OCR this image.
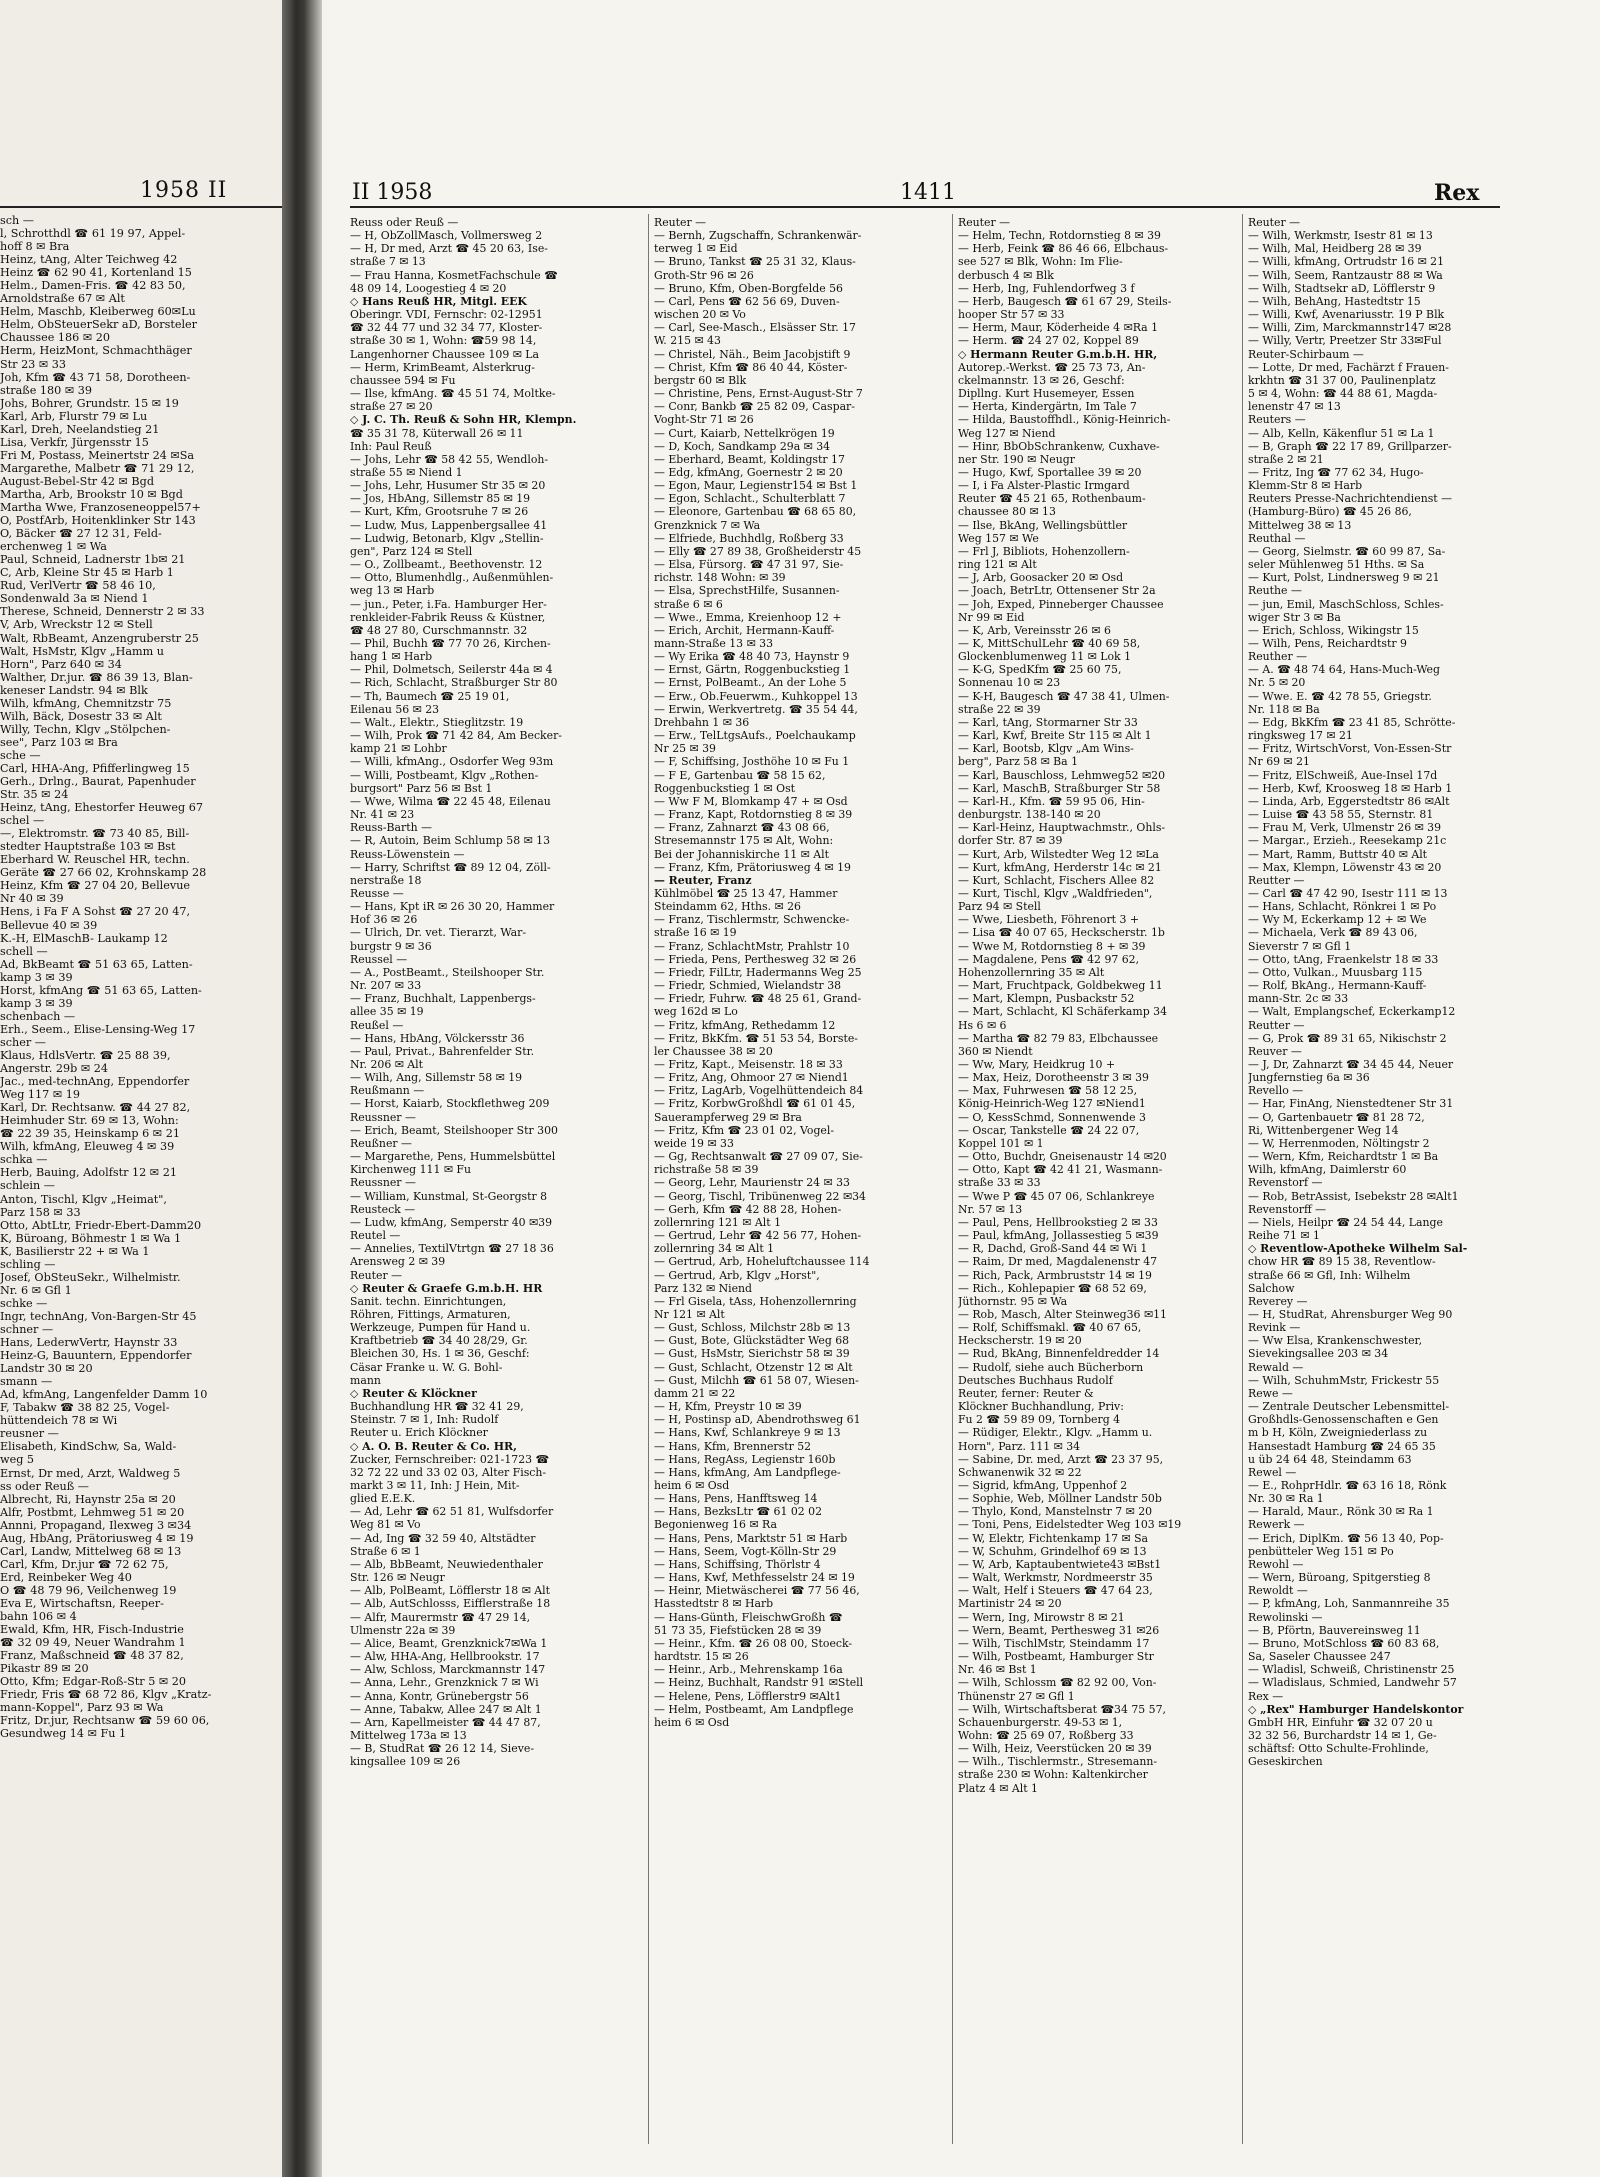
1958 II
sch —
l, Schrotthdl ☎ 61 19 97, Appel-
hoff 8 ✉ Bra
Heinz, tAng, Alter Teichweg 42
Heinz ☎ 62 90 41, Kortenland 15
Helm., Damen-Fris. ☎ 42 83 50,
Arnoldstraße 67 ✉ Alt
Helm, Maschb, Kleiberweg 60✉Lu
Helm, ObSteuerSekr aD, Borsteler
Chaussee 186 ✉ 20
Herm, HeizMont, Schmachthäger
Str 23 ✉ 33
Joh, Kfm ☎ 43 71 58, Dorotheen-
straße 180 ✉ 39
Johs, Bohrer, Grundstr. 15 ✉ 19
Karl, Arb, Flurstr 79 ✉ Lu
Karl, Dreh, Neelandstieg 21
Lisa, Verkfr, Jürgensstr 15
Fri M, Postass, Meinertstr 24 ✉Sa
Margarethe, Malbetr ☎ 71 29 12,
August-Bebel-Str 42 ✉ Bgd
Martha, Arb, Brookstr 10 ✉ Bgd
Martha Wwe, Franzoseneoppel57+
O, PostfArb, Hoitenklinker Str 143
O, Bäcker ☎ 27 12 31, Feld-
erchenweg 1 ✉ Wa
Paul, Schneid, Ladnerstr 1b✉ 21
C, Arb, Kleine Str 45 ✉ Harb 1
Rud, VerlVertr ☎ 58 46 10,
Sondenwald 3a ✉ Niend 1
Therese, Schneid, Dennerstr 2 ✉ 33
V, Arb, Wreckstr 12 ✉ Stell
Walt, RbBeamt, Anzengruberstr 25
Walt, HsMstr, Klgv „Hamm u
Horn", Parz 640 ✉ 34
Walther, Dr.jur. ☎ 86 39 13, Blan-
keneser Landstr. 94 ✉ Blk
Wilh, kfmAng, Chemnitzstr 75
Wilh, Bäck, Dosestr 33 ✉ Alt
Willy, Techn, Klgv „Stölpchen-
see", Parz 103 ✉ Bra
sche —
Carl, HHA-Ang, Pfifferlingweg 15
Gerh., Drlng., Baurat, Papenhuder
Str. 35 ✉ 24
Heinz, tAng, Ehestorfer Heuweg 67
schel —
—, Elektromstr. ☎ 73 40 85, Bill-
stedter Hauptstraße 103 ✉ Bst
Eberhard W. Reuschel HR, techn.
Geräte ☎ 27 66 02, Krohnskamp 28
Heinz, Kfm ☎ 27 04 20, Bellevue
Nr 40 ✉ 39
Hens, i Fa F A Sohst ☎ 27 20 47,
Bellevue 40 ✉ 39
K.-H, ElMaschB- Laukamp 12
schell —
Ad, BkBeamt ☎ 51 63 65, Latten-
kamp 3 ✉ 39
Horst, kfmAng ☎ 51 63 65, Latten-
kamp 3 ✉ 39
schenbach —
Erh., Seem., Elise-Lensing-Weg 17
scher —
Klaus, HdlsVertr. ☎ 25 88 39,
Angerstr. 29b ✉ 24
Jac., med-technAng, Eppendorfer
Weg 117 ✉ 19
Karl, Dr. Rechtsanw. ☎ 44 27 82,
Heimhuder Str. 69 ✉ 13, Wohn:
☎ 22 39 35, Heinskamp 6 ✉ 21
Wilh, kfmAng, Eleuweg 4 ✉ 39
schka —
Herb, Bauing, Adolfstr 12 ✉ 21
schlein —
Anton, Tischl, Klgv „Heimat",
Parz 158 ✉ 33
Otto, AbtLtr, Friedr-Ebert-Damm20
K, Büroang, Böhmestr 1 ✉ Wa 1
K, Basilierstr 22 + ✉ Wa 1
schling —
Josef, ObSteuSekr., Wilhelmistr.
Nr. 6 ✉ Gfl 1
schke —
Ingr, technAng, Von-Bargen-Str 45
schner —
Hans, LederwVertr, Haynstr 33
Heinz-G, Bauuntern, Eppendorfer
Landstr 30 ✉ 20
smann —
Ad, kfmAng, Langenfelder Damm 10
F, Tabakw ☎ 38 82 25, Vogel-
hüttendeich 78 ✉ Wi
reusner —
Elisabeth, KindSchw, Sa, Wald-
weg 5
Ernst, Dr med, Arzt, Waldweg 5
ss oder Reuß —
Albrecht, Ri, Haynstr 25a ✉ 20
Alfr, Postbmt, Lehmweg 51 ✉ 20
Annni, Propagand, Ilexweg 3 ✉34
Aug, HbAng, Prätoriusweg 4 ✉ 19
Carl, Landw, Mittelweg 68 ✉ 13
Carl, Kfm, Dr.jur ☎ 72 62 75,
Erd, Reinbeker Weg 40
O ☎ 48 79 96, Veilchenweg 19
Eva E, Wirtschaftsn, Reeper-
bahn 106 ✉ 4
Ewald, Kfm, HR, Fisch-Industrie
☎ 32 09 49, Neuer Wandrahm 1
Franz, Maßschneid ☎ 48 37 82,
Pikastr 89 ✉ 20
Otto, Kfm; Edgar-Roß-Str 5 ✉ 20
Friedr, Fris ☎ 68 72 86, Klgv „Kratz-
mann-Koppel", Parz 93 ✉ Wa
Fritz, Dr.jur, Rechtsanw ☎ 59 60 06,
Gesundweg 14 ✉ Fu 1
II 1958	1411	Rex
Reuss oder Reuß —
— H, ObZollMasch, Vollmersweg 2
— H, Dr med, Arzt ☎ 45 20 63, Ise-
straße 7 ✉ 13
— Frau Hanna, KosmetFachschule ☎
48 09 14, Loogestieg 4 ✉ 20
◇ Hans Reuß HR, Mitgl. EEK
Oberingr. VDI, Fernschr: 02-12951
☎ 32 44 77 und 32 34 77, Kloster-
straße 30 ✉ 1, Wohn: ☎59 98 14,
Langenhorner Chaussee 109 ✉ La
— Herm, KrimBeamt, Alsterkrug-
chaussee 594 ✉ Fu
— Ilse, kfmAng. ☎ 45 51 74, Moltke-
straße 27 ✉ 20
◇ J. C. Th. Reuß & Sohn HR, Klempn.
☎ 35 31 78, Küterwall 26 ✉ 11
Inh: Paul Reuß
— Johs, Lehr ☎ 58 42 55, Wendloh-
straße 55 ✉ Niend 1
— Johs, Lehr, Husumer Str 35 ✉ 20
— Jos, HbAng, Sillemstr 85 ✉ 19
— Kurt, Kfm, Grootsruhe 7 ✉ 26
— Ludw, Mus, Lappenbergsallee 41
— Ludwig, Betonarb, Klgv „Stellin-
gen", Parz 124 ✉ Stell
— O., Zollbeamt., Beethovenstr. 12
— Otto, Blumenhdlg., Außenmühlen-
weg 13 ✉ Harb
— jun., Peter, i.Fa. Hamburger Her-
renkleider-Fabrik Reuss & Küstner,
☎ 48 27 80, Curschmannstr. 32
— Phil, Buchh ☎ 77 70 26, Kirchen-
hang 1 ✉ Harb
— Phil, Dolmetsch, Seilerstr 44a ✉ 4
— Rich, Schlacht, Straßburger Str 80
— Th, Baumech ☎ 25 19 01,
Eilenau 56 ✉ 23
— Walt., Elektr., Stieglitzstr. 19
— Wilh, Prok ☎ 71 42 84, Am Becker-
kamp 21 ✉ Lohbr
— Willi, kfmAng., Osdorfer Weg 93m
— Willi, Postbeamt, Klgv „Rothen-
burgsort" Parz 56 ✉ Bst 1
— Wwe, Wilma ☎ 22 45 48, Eilenau
Nr. 41 ✉ 23
Reuss-Barth —
— R, Autoin, Beim Schlump 58 ✉ 13
Reuss-Löwenstein —
— Harry, Schriftst ☎ 89 12 04, Zöll-
nerstraße 18
Reusse —
— Hans, Kpt iR ✉ 26 30 20, Hammer
Hof 36 ✉ 26
— Ulrich, Dr. vet. Tierarzt, War-
burgstr 9 ✉ 36
Reussel —
— A., PostBeamt., Steilshooper Str.
Nr. 207 ✉ 33
— Franz, Buchhalt, Lappenbergs-
allee 35 ✉ 19
Reußel —
— Hans, HbAng, Völckersstr 36
— Paul, Privat., Bahrenfelder Str.
Nr. 206 ✉ Alt
— Wilh, Ang, Sillemstr 58 ✉ 19
Reußmann —
— Horst, Kaiarb, Stockflethweg 209
Reussner —
— Erich, Beamt, Steilshooper Str 300
Reußner —
— Margarethe, Pens, Hummelsbüttel
Kirchenweg 111 ✉ Fu
Reussner —
— William, Kunstmal, St-Georgstr 8
Reusteck —
— Ludw, kfmAng, Semperstr 40 ✉39
Reutel —
— Annelies, TextilVtrtgn ☎ 27 18 36
Arensweg 2 ✉ 39
Reuter —
◇ Reuter & Graefe G.m.b.H. HR
Sanit. techn. Einrichtungen,
Röhren, Fittings, Armaturen,
Werkzeuge, Pumpen für Hand u.
Kraftbetrieb ☎ 34 40 28/29, Gr.
Bleichen 30, Hs. 1 ✉ 36, Geschf:
Cäsar Franke u. W. G. Bohl-
mann
◇ Reuter & Klöckner
Buchhandlung HR ☎ 32 41 29,
Steinstr. 7 ✉ 1, Inh: Rudolf
Reuter u. Erich Klöckner
◇ A. O. B. Reuter & Co. HR,
Zucker, Fernschreiber: 021-1723 ☎
32 72 22 und 33 02 03, Alter Fisch-
markt 3 ✉ 11, Inh: J Hein, Mit-
glied E.E.K.
— Ad, Lehr ☎ 62 51 81, Wulfsdorfer
Weg 81 ✉ Vo
— Ad, Ing ☎ 32 59 40, Altstädter
Straße 6 ✉ 1
— Alb, BbBeamt, Neuwiedenthaler
Str. 126 ✉ Neugr
— Alb, PolBeamt, Löfflerstr 18 ✉ Alt
— Alb, AutSchlosss, Eifflerstraße 18
— Alfr, Maurermstr ☎ 47 29 14,
Ulmenstr 22a ✉ 39
— Alice, Beamt, Grenzknick7✉Wa 1
— Alw, HHA-Ang, Hellbrookstr. 17
— Alw, Schloss, Marckmannstr 147
— Anna, Lehr., Grenzknick 7 ✉ Wi
— Anna, Kontr, Grünebergstr 56
— Anne, Tabakw, Allee 247 ✉ Alt 1
— Arn, Kapellmeister ☎ 44 47 87,
Mittelweg 173a ✉ 13
— B, StudRat ☎ 26 12 14, Sieve-
kingsallee 109 ✉ 26
Reuter —
— Bernh, Zugschaffn, Schrankenwär-
terweg 1 ✉ Eid
— Bruno, Tankst ☎ 25 31 32, Klaus-
Groth-Str 96 ✉ 26
— Bruno, Kfm, Oben-Borgfelde 56
— Carl, Pens ☎ 62 56 69, Duven-
wischen 20 ✉ Vo
— Carl, See-Masch., Elsässer Str. 17
W. 215 ✉ 43
— Christel, Näh., Beim Jacobjstift 9
— Christ, Kfm ☎ 86 40 44, Köster-
bergstr 60 ✉ Blk
— Christine, Pens, Ernst-August-Str 7
— Conr, Bankb ☎ 25 82 09, Caspar-
Voght-Str 71 ✉ 26
— Curt, Kaiarb, Nettelkrögen 19
— D, Koch, Sandkamp 29a ✉ 34
— Eberhard, Beamt, Koldingstr 17
— Edg, kfmAng, Goernestr 2 ✉ 20
— Egon, Maur, Legienstr154 ✉ Bst 1
— Egon, Schlacht., Schulterblatt 7
— Eleonore, Gartenbau ☎ 68 65 80,
Grenzknick 7 ✉ Wa
— Elfriede, Buchhdlg, Roßberg 33
— Elly ☎ 27 89 38, Großheiderstr 45
— Elsa, Fürsorg. ☎ 47 31 97, Sie-
richstr. 148 Wohn: ✉ 39
— Elsa, SprechstHilfe, Susannen-
straße 6 ✉ 6
— Wwe., Emma, Kreienhoop 12 +
— Erich, Archit, Hermann-Kauff-
mann-Straße 13 ✉ 33
— Wy Erika ☎ 48 40 73, Haynstr 9
— Ernst, Gärtn, Roggenbuckstieg 1
— Ernst, PolBeamt., An der Lohe 5
— Erw., Ob.Feuerwm., Kuhkoppel 13
— Erwin, Werkvertretg. ☎ 35 54 44,
Drehbahn 1 ✉ 36
— Erw., TelLtgsAufs., Poelchaukamp
Nr 25 ✉ 39
— F, Schiffsing, Josthöhe 10 ✉ Fu 1
— F E, Gartenbau ☎ 58 15 62,
Roggenbuckstieg 1 ✉ Ost
— Ww F M, Blomkamp 47 + ✉ Osd
— Franz, Kapt, Rotdornstieg 8 ✉ 39
— Franz, Zahnarzt ☎ 43 08 66,
Stresemannstr 175 ✉ Alt, Wohn:
Bei der Johanniskirche 11 ✉ Alt
— Franz, Kfm, Prätoriusweg 4 ✉ 19
— Reuter, Franz
Kühlmöbel ☎ 25 13 47, Hammer
Steindamm 62, Hths. ✉ 26
— Franz, Tischlermstr, Schwencke-
straße 16 ✉ 19
— Franz, SchlachtMstr, Prahlstr 10
— Frieda, Pens, Perthesweg 32 ✉ 26
— Friedr, FilLtr, Hadermanns Weg 25
— Friedr, Schmied, Wielandstr 38
— Friedr, Fuhrw. ☎ 48 25 61, Grand-
weg 162d ✉ Lo
— Fritz, kfmAng, Rethedamm 12
— Fritz, BkKfm. ☎ 51 53 54, Borste-
ler Chaussee 38 ✉ 20
— Fritz, Kapt., Meisenstr. 18 ✉ 33
— Fritz, Ang, Ohmoor 27 ✉ Niend1
— Fritz, LagArb, Vogelhüttendeich 84
— Fritz, KorbwGroßhdl ☎ 61 01 45,
Sauerampferweg 29 ✉ Bra
— Fritz, Kfm ☎ 23 01 02, Vogel-
weide 19 ✉ 33
— Gg, Rechtsanwalt ☎ 27 09 07, Sie-
richstraße 58 ✉ 39
— Georg, Lehr, Maurienstr 24 ✉ 33
— Georg, Tischl, Tribünenweg 22 ✉34
— Gerh, Kfm ☎ 42 88 28, Hohen-
zollernring 121 ✉ Alt 1
— Gertrud, Lehr ☎ 42 56 77, Hohen-
zollernring 34 ✉ Alt 1
— Gertrud, Arb, Hoheluftchaussee 114
— Gertrud, Arb, Klgv „Horst",
Parz 132 ✉ Niend
— Frl Gisela, tAss, Hohenzollernring
Nr 121 ✉ Alt
— Gust, Schloss, Milchstr 28b ✉ 13
— Gust, Bote, Glückstädter Weg 68
— Gust, HsMstr, Sierichstr 58 ✉ 39
— Gust, Schlacht, Otzenstr 12 ✉ Alt
— Gust, Milchh ☎ 61 58 07, Wiesen-
damm 21 ✉ 22
— H, Kfm, Preystr 10 ✉ 39
— H, Postinsp aD, Abendrothsweg 61
— Hans, Kwf, Schlankreye 9 ✉ 13
— Hans, Kfm, Brennerstr 52
— Hans, RegAss, Legienstr 160b
— Hans, kfmAng, Am Landpflege-
heim 6 ✉ Osd
— Hans, Pens, Hanfftsweg 14
— Hans, BezksLtr ☎ 61 02 02
Begonienweg 16 ✉ Ra
— Hans, Pens, Marktstr 51 ✉ Harb
— Hans, Seem, Vogt-Kölln-Str 29
— Hans, Schiffsing, Thörlstr 4
— Hans, Kwf, Methfesselstr 24 ✉ 19
— Heinr, Mietwäscherei ☎ 77 56 46,
Hasstedtstr 8 ✉ Harb
— Hans-Günth, FleischwGroßh ☎
51 73 35, Fiefstücken 28 ✉ 39
— Heinr., Kfm. ☎ 26 08 00, Stoeck-
hardtstr. 15 ✉ 26
— Heinr., Arb., Mehrenskamp 16a
— Heinz, Buchhalt, Randstr 91 ✉Stell
— Helene, Pens, Löfflerstr9 ✉Alt1
— Helm, Postbeamt, Am Landpflege
heim 6 ✉ Osd
Reuter —
— Helm, Techn, Rotdornstieg 8 ✉ 39
— Herb, Feink ☎ 86 46 66, Elbchaus-
see 527 ✉ Blk, Wohn: Im Flie-
derbusch 4 ✉ Blk
— Herb, Ing, Fuhlendorfweg 3 f
— Herb, Baugesch ☎ 61 67 29, Steils-
hooper Str 57 ✉ 33
— Herm, Maur, Köderheide 4 ✉Ra 1
— Herm. ☎ 24 27 02, Koppel 89
◇ Hermann Reuter G.m.b.H. HR,
Autorep.-Werkst. ☎ 25 73 73, An-
ckelmannstr. 13 ✉ 26, Geschf:
Dipllng. Kurt Husemeyer, Essen
— Herta, Kindergärtn, Im Tale 7
— Hilda, Baustoffhdl., König-Heinrich-
Weg 127 ✉ Niend
— Hinr, BbObSchrankenw, Cuxhave-
ner Str. 190 ✉ Neugr
— Hugo, Kwf, Sportallee 39 ✉ 20
— I, i Fa Alster-Plastic Irmgard
Reuter ☎ 45 21 65, Rothenbaum-
chaussee 80 ✉ 13
— Ilse, BkAng, Wellingsbüttler
Weg 157 ✉ We
— Frl J, Bibliots, Hohenzollern-
ring 121 ✉ Alt
— J, Arb, Goosacker 20 ✉ Osd
— Joach, BetrLtr, Ottensener Str 2a
— Joh, Exped, Pinneberger Chaussee
Nr 99 ✉ Eid
— K, Arb, Vereinsstr 26 ✉ 6
— K, MittSchulLehr ☎ 40 69 58,
Glockenblumenweg 11 ✉ Lok 1
— K-G, SpedKfm ☎ 25 60 75,
Sonnenau 10 ✉ 23
— K-H, Baugesch ☎ 47 38 41, Ulmen-
straße 22 ✉ 39
— Karl, tAng, Stormarner Str 33
— Karl, Kwf, Breite Str 115 ✉ Alt 1
— Karl, Bootsb, Klgv „Am Wins-
berg", Parz 58 ✉ Ba 1
— Karl, Bauschloss, Lehmweg52 ✉20
— Karl, MaschB, Straßburger Str 58
— Karl-H., Kfm. ☎ 59 95 06, Hin-
denburgstr. 138-140 ✉ 20
— Karl-Heinz, Hauptwachmstr., Ohls-
dorfer Str. 87 ✉ 39
— Kurt, Arb, Wilstedter Weg 12 ✉La
— Kurt, kfmAng, Herderstr 14c ✉ 21
— Kurt, Schlacht, Fischers Allee 82
— Kurt, Tischl, Klgv „Waldfrieden",
Parz 94 ✉ Stell
— Wwe, Liesbeth, Föhrenort 3 +
— Lisa ☎ 40 07 65, Heckscherstr. 1b
— Wwe M, Rotdornstieg 8 + ✉ 39
— Magdalene, Pens ☎ 42 97 62,
Hohenzollernring 35 ✉ Alt
— Mart, Fruchtpack, Goldbekweg 11
— Mart, Klempn, Pusbackstr 52
— Mart, Schlacht, Kl Schäferkamp 34
Hs 6 ✉ 6
— Martha ☎ 82 79 83, Elbchaussee
360 ✉ Niendt
— Ww, Mary, Heidkrug 10 +
— Max, Heiz, Dorotheenstr 3 ✉ 39
— Max, Fuhrwesen ☎ 58 12 25,
König-Heinrich-Weg 127 ✉Niend1
— O, KessSchmd, Sonnenwende 3
— Oscar, Tankstelle ☎ 24 22 07,
Koppel 101 ✉ 1
— Otto, Buchdr, Gneisenaustr 14 ✉20
— Otto, Kapt ☎ 42 41 21, Wasmann-
straße 33 ✉ 33
— Wwe P ☎ 45 07 06, Schlankreye
Nr. 57 ✉ 13
— Paul, Pens, Hellbrookstieg 2 ✉ 33
— Paul, kfmAng, Jollassestieg 5 ✉39
— R, Dachd, Groß-Sand 44 ✉ Wi 1
— Raim, Dr med, Magdalenenstr 47
— Rich, Pack, Armbruststr 14 ✉ 19
— Rich., Kohlepapier ☎ 68 52 69,
Jüthornstr. 95 ✉ Wa
— Rob, Masch, Alter Steinweg36 ✉11
— Rolf, Schiffsmakl. ☎ 40 67 65,
Heckscherstr. 19 ✉ 20
— Rud, BkAng, Binnenfeldredder 14
— Rudolf, siehe auch Bücherborn
Deutsches Buchhaus Rudolf
Reuter, ferner: Reuter &
Klöckner Buchhandlung, Priv:
Fu 2 ☎ 59 89 09, Tornberg 4
— Rüdiger, Elektr., Klgv. „Hamm u.
Horn", Parz. 111 ✉ 34
— Sabine, Dr. med, Arzt ☎ 23 37 95,
Schwanenwik 32 ✉ 22
— Sigrid, kfmAng, Uppenhof 2
— Sophie, Web, Möllner Landstr 50b
— Thylo, Kond, Manstelnstr 7 ✉ 20
— Toni, Pens, Eidelstedter Weg 103 ✉19
— W, Elektr, Fichtenkamp 17 ✉ Sa
— W, Schuhm, Grindelhof 69 ✉ 13
— W, Arb, Kaptaubentwiete43 ✉Bst1
— Walt, Werkmstr, Nordmeerstr 35
— Walt, Helf i Steuers ☎ 47 64 23,
Martinistr 24 ✉ 20
— Wern, Ing, Mirowstr 8 ✉ 21
— Wern, Beamt, Perthesweg 31 ✉26
— Wilh, TischlMstr, Steindamm 17
— Wilh, Postbeamt, Hamburger Str
Nr. 46 ✉ Bst 1
— Wilh, Schlossm ☎ 82 92 00, Von-
Thünenstr 27 ✉ Gfl 1
— Wilh, Wirtschaftsberat ☎34 75 57,
Schauenburgerstr. 49-53 ✉ 1,
Wohn: ☎ 25 69 07, Roßberg 33
— Wilh, Heiz, Veerstücken 20 ✉ 39
— Wilh., Tischlermstr., Stresemann-
straße 230 ✉ Wohn: Kaltenkircher
Platz 4 ✉ Alt 1
Reuter —
— Wilh, Werkmstr, Isestr 81 ✉ 13
— Wilh, Mal, Heidberg 28 ✉ 39
— Willi, kfmAng, Ortrudstr 16 ✉ 21
— Wilh, Seem, Rantzaustr 88 ✉ Wa
— Wilh, Stadtsekr aD, Löfflerstr 9
— Wilh, BehAng, Hastedtstr 15
— Willi, Kwf, Avenariusstr. 19 P Blk
— Willi, Zim, Marckmannstr147 ✉28
— Willy, Vertr, Preetzer Str 33✉Ful
Reuter-Schirbaum —
— Lotte, Dr med, Fachärzt f Frauen-
krkhtn ☎ 31 37 00, Paulinenplatz
5 ✉ 4, Wohn: ☎ 44 88 61, Magda-
lenenstr 47 ✉ 13
Reuters —
— Alb, Kelln, Käkenflur 51 ✉ La 1
— B, Graph ☎ 22 17 89, Grillparzer-
straße 2 ✉ 21
— Fritz, Ing ☎ 77 62 34, Hugo-
Klemm-Str 8 ✉ Harb
Reuters Presse-Nachrichtendienst —
(Hamburg-Büro) ☎ 45 26 86,
Mittelweg 38 ✉ 13
Reuthal —
— Georg, Sielmstr. ☎ 60 99 87, Sa-
seler Mühlenweg 51 Hths. ✉ Sa
— Kurt, Polst, Lindnersweg 9 ✉ 21
Reuthe —
— jun, Emil, MaschSchloss, Schles-
wiger Str 3 ✉ Ba
— Erich, Schloss, Wikingstr 15
— Wilh, Pens, Reichardtstr 9
Reuther —
— A. ☎ 48 74 64, Hans-Much-Weg
Nr. 5 ✉ 20
— Wwe. E. ☎ 42 78 55, Griegstr.
Nr. 118 ✉ Ba
— Edg, BkKfm ☎ 23 41 85, Schrötte-
ringksweg 17 ✉ 21
— Fritz, WirtschVorst, Von-Essen-Str
Nr 69 ✉ 21
— Fritz, ElSchweiß, Aue-Insel 17d
— Herb, Kwf, Kroosweg 18 ✉ Harb 1
— Linda, Arb, Eggerstedtstr 86 ✉Alt
— Luise ☎ 43 58 55, Sternstr. 81
— Frau M, Verk, Ulmenstr 26 ✉ 39
— Margar., Erzieh., Reesekamp 21c
— Mart, Ramm, Buttstr 40 ✉ Alt
— Max, Klempn, Löwenstr 43 ✉ 20
Reutter —
— Carl ☎ 47 42 90, Isestr 111 ✉ 13
— Hans, Schlacht, Rönkrei 1 ✉ Po
— Wy M, Eckerkamp 12 + ✉ We
— Michaela, Verk ☎ 89 43 06,
Sieverstr 7 ✉ Gfl 1
— Otto, tAng, Fraenkelstr 18 ✉ 33
— Otto, Vulkan., Muusbarg 115
— Rolf, BkAng., Hermann-Kauff-
mann-Str. 2c ✉ 33
— Walt, Emplangschef, Eckerkamp12
Reutter —
— G, Prok ☎ 89 31 65, Nikischstr 2
Reuver —
— J, Dr, Zahnarzt ☎ 34 45 44, Neuer
Jungfernstieg 6a ✉ 36
Revello —
— Har, FinAng, Nienstedtener Str 31
— O, Gartenbauetr ☎ 81 28 72,
Ri, Wittenbergener Weg 14
— W, Herrenmoden, Nöltingstr 2
— Wern, Kfm, Reichardtstr 1 ✉ Ba
Wilh, kfmAng, Daimlerstr 60
Revenstorf —
— Rob, BetrAssist, Isebekstr 28 ✉Alt1
Revenstorff —
— Niels, Heilpr ☎ 24 54 44, Lange
Reihe 71 ✉ 1
◇ Reventlow-Apotheke Wilhelm Sal-
chow HR ☎ 89 15 38, Reventlow-
straße 66 ✉ Gfl, Inh: Wilhelm
Salchow
Reverey —
— H, StudRat, Ahrensburger Weg 90
Revink —
— Ww Elsa, Krankenschwester,
Sievekingsallee 203 ✉ 34
Rewald —
— Wilh, SchuhmMstr, Frickestr 55
Rewe —
— Zentrale Deutscher Lebensmittel-
Großhdls-Genossenschaften e Gen
m b H, Köln, Zweigniederlass zu
Hansestadt Hamburg ☎ 24 65 35
u üb 24 64 48, Steindamm 63
Rewel —
— E., RohprHdlr. ☎ 63 16 18, Rönk
Nr. 30 ✉ Ra 1
— Harald, Maur., Rönk 30 ✉ Ra 1
Rewerk —
— Erich, DiplKm. ☎ 56 13 40, Pop-
penbütteler Weg 151 ✉ Po
Rewohl —
— Wern, Büroang, Spitgerstieg 8
Rewoldt —
— P, kfmAng, Loh, Sanmannreihe 35
Rewolinski —
— B, Pförtn, Bauvereinsweg 11
— Bruno, MotSchloss ☎ 60 83 68,
Sa, Saseler Chaussee 247
— Wladisl, Schweiß, Christinenstr 25
— Wladislaus, Schmied, Landwehr 57
Rex —
◇ „Rex" Hamburger Handelskontor
GmbH HR, Einfuhr ☎ 32 07 20 u
32 32 56, Burchardstr 14 ✉ 1, Ge-
schäftsf: Otto Schulte-Frohlinde,
Geseskirchen
